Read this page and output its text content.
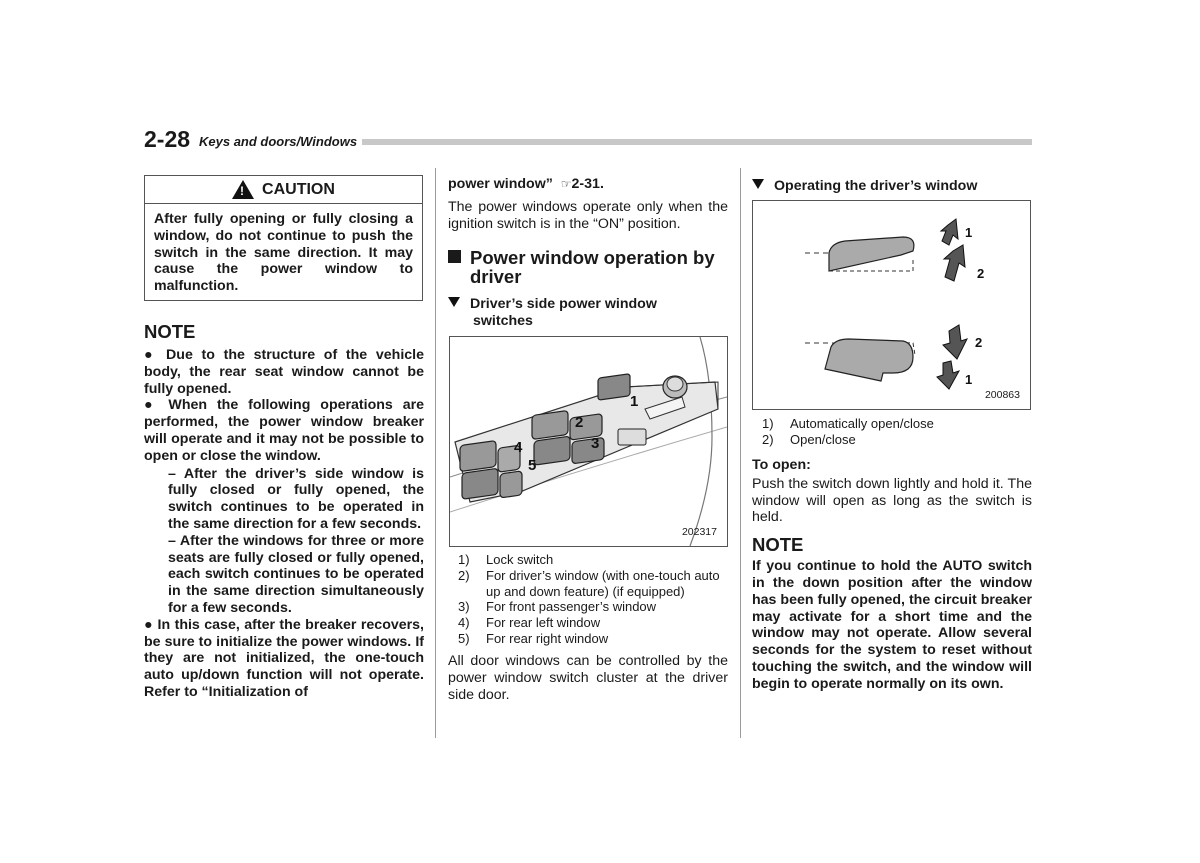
2-28 Keys and doors/Windows
! CAUTION
After fully opening or fully closing a window, do not continue to push the switch in the same direction. It may cause the power window to malfunction.
NOTE
● Due to the structure of the vehicle body, the rear seat window cannot be fully opened.
● When the following operations are performed, the power window breaker will operate and it may not be possible to open or close the window.
– After the driver’s side window is fully closed or fully opened, the switch continues to be operated in the same direction for a few seconds.
– After the windows for three or more seats are fully closed or fully opened, each switch continues to be operated in the same direction simultaneously for a few seconds.
● In this case, after the breaker recovers, be sure to initialize the power windows. If they are not initialized, the one-touch auto up/down function will not operate. Refer to “Initialization of
power window” ☞2-31.
The power windows operate only when the ignition switch is in the “ON” position.
Power window operation by
driver
Driver’s side power window
switches
1
2
3
4
5
202317
1)	Lock switch
2)	For driver’s window (with one-touch auto up and down feature) (if equipped)
3)	For front passenger’s window
4)	For rear left window
5)	For rear right window
All door windows can be controlled by the power window switch cluster at the driver side door.
Operating the driver’s window
1
2
2
1
200863
1)	Automatically open/close
2)	Open/close
To open:
Push the switch down lightly and hold it. The window will open as long as the switch is held.
NOTE
If you continue to hold the AUTO switch in the down position after the window has been fully opened, the circuit breaker may activate for a short time and the window may not operate. Allow several seconds for the system to reset without touching the switch, and the window will begin to operate normally on its own.
